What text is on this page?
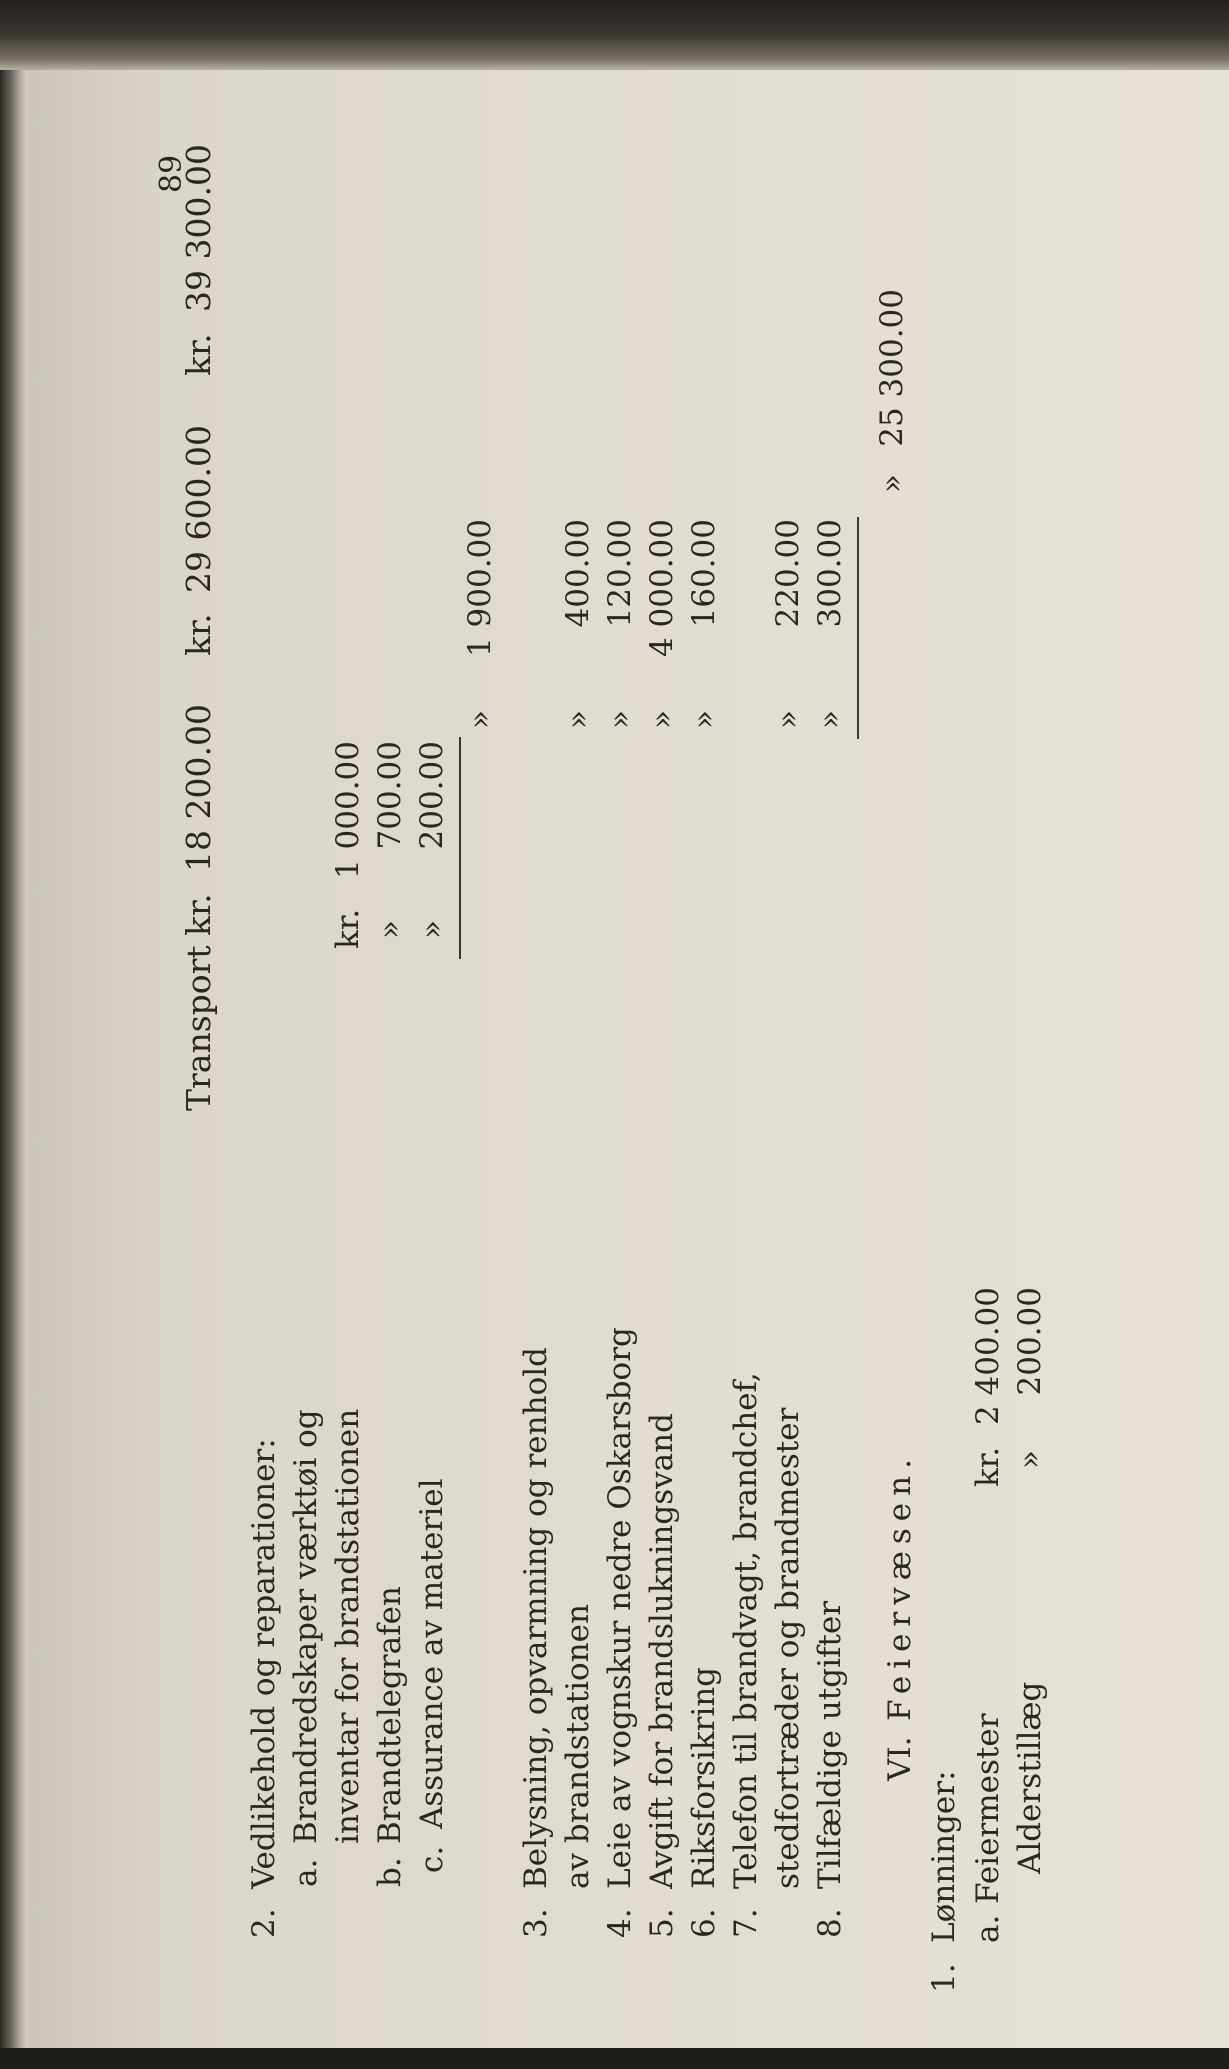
89
Transport
kr.
18 200.00
kr.
29 600.00
kr.
39 300.00
2.
Vedlikehold og reparationer: a.
Brandredskaper værktøi og inventar for brandstationen
kr.
1 000.00
b.
Brandtelegrafen
»
700.00
c.
Assurance av materiel
»
200.00
»
1 900.00
3.
Belysning, opvarmning og renhold av brandstationen
»
400.00
4.
Leie av vognskur nedre Oskarsborg
»
120.00
5.
Avgift for brandslukningsvand
»
4 000.00
6.
Riksforsikring
»
160.00
7.
Telefon til brandvagt, brandchef, stedfortræder og brandmester
»
220.00
8.
Tilfældige utgifter
»
300.00
»
25 300.00
VI.
Feiervæsen.
1.
Lønninger: a.
Feiermester
kr.
2 400.00
Alderstillæg
»
200.00
